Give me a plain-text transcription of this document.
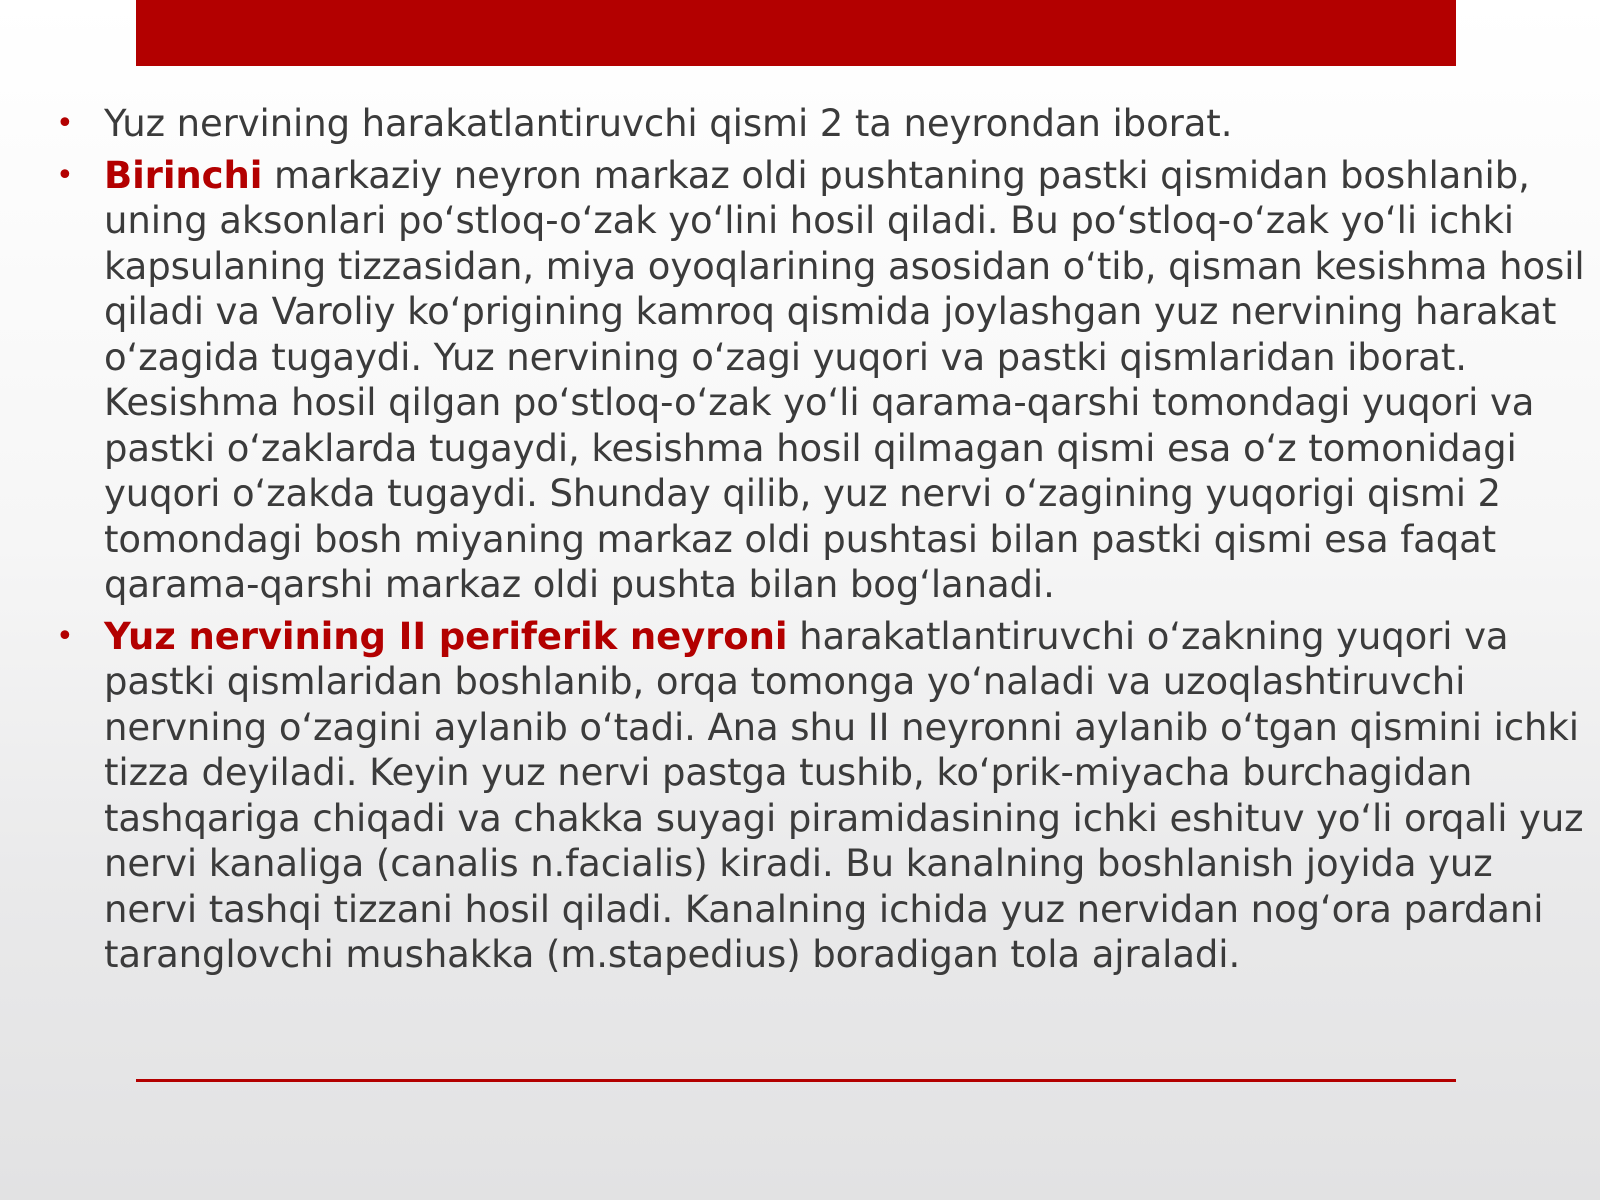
• Yuz nervining harakatlantiruvchi qismi 2 ta neyrondan iborat.
• Birinchi markaziy neyron markaz oldi pushtaning pastki qismidan boshlanib, uning aksonlari po‘stloq-o‘zak yo‘lini hosil qiladi. Bu po‘stloq-o‘zak yo‘li ichki kapsulaning tizzasidan, miya oyoqlarining asosidan o‘tib, qisman kesishma hosil qiladi va Varoliy ko‘prigining kamroq qismida joylashgan yuz nervining harakat o‘zagida tugaydi. Yuz nervining o‘zagi yuqori va pastki qismlaridan iborat. Kesishma hosil qilgan po‘stloq-o‘zak yo‘li qarama-qarshi tomondagi yuqori va pastki o‘zaklarda tugaydi, kesishma hosil qilmagan qismi esa o‘z tomonidagi yuqori o‘zakda tugaydi. Shunday qilib, yuz nervi o‘zagining yuqorigi qismi 2 tomondagi bosh miyaning markaz oldi pushtasi bilan pastki qismi esa faqat qarama-qarshi markaz oldi pushta bilan bog‘lanadi.
• Yuz nervining II periferik neyroni harakatlantiruvchi o‘zakning yuqori va pastki qismlaridan boshlanib, orqa tomonga yo‘naladi va uzoqlashtiruvchi nervning o‘zagini aylanib o‘tadi. Ana shu II neyronni aylanib o‘tgan qismini ichki tizza deyiladi. Keyin yuz nervi pastga tushib, ko‘prik-miyacha burchagidan tashqariga chiqadi va chakka suyagi piramidasining ichki eshituv yo‘li orqali yuz nervi kanaliga (canalis n.facialis) kiradi. Bu kanalning boshlanish joyida yuz nervi tashqi tizzani hosil qiladi. Kanalning ichida yuz nervidan nog‘ora pardani taranglovchi mushakka (m.stapedius) boradigan tola ajraladi.
